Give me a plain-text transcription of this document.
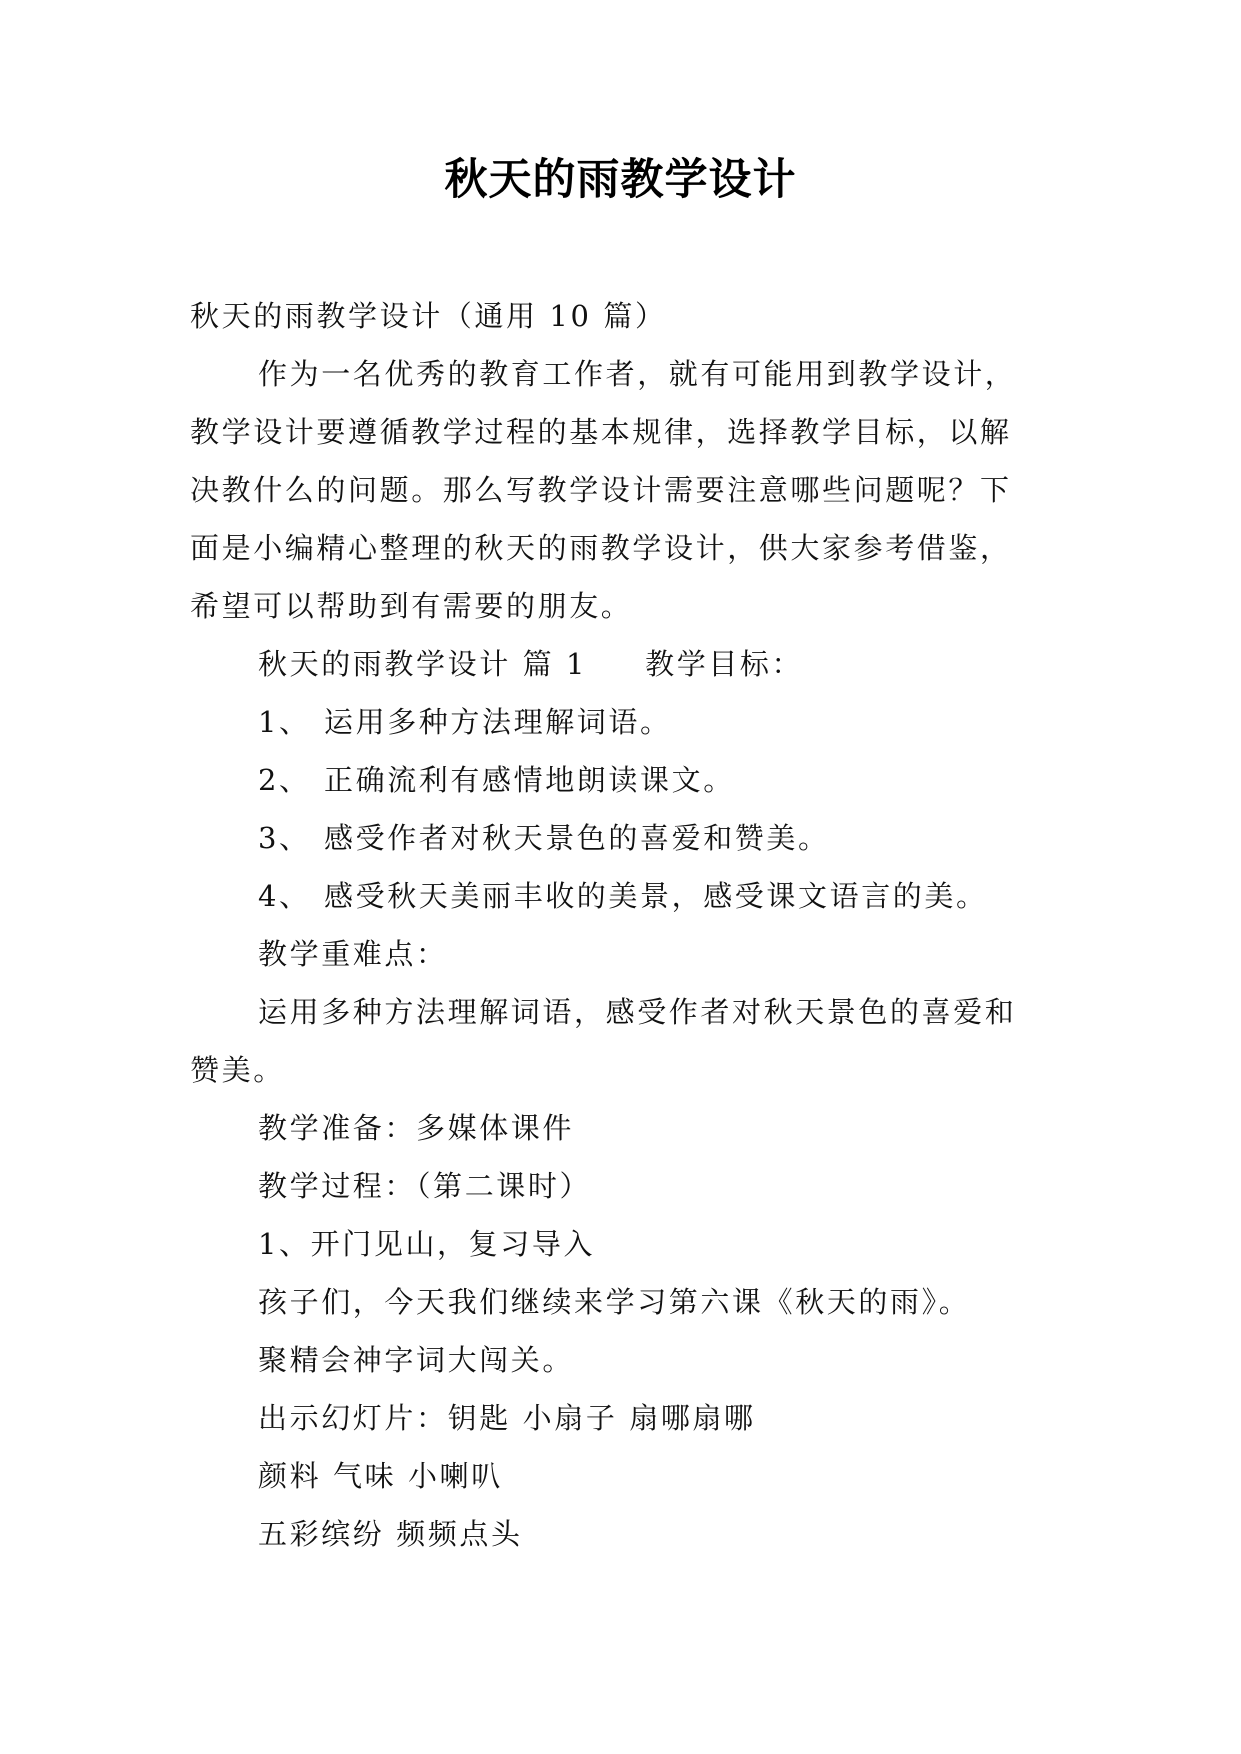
秋天的雨教学设计
秋天的雨教学设计（通用 10 篇）
作为一名优秀的教育工作者，就有可能用到教学设计，
教学设计要遵循教学过程的基本规律，选择教学目标，以解
决教什么的问题。那么写教学设计需要注意哪些问题呢？下
面是小编精心整理的秋天的雨教学设计，供大家参考借鉴，
希望可以帮助到有需要的朋友。
秋天的雨教学设计 篇 1 教学目标：
1、 运用多种方法理解词语。
2、 正确流利有感情地朗读课文。
3、 感受作者对秋天景色的喜爱和赞美。
4、 感受秋天美丽丰收的美景，感受课文语言的美。
教学重难点：
运用多种方法理解词语，感受作者对秋天景色的喜爱和
赞美。
教学准备：多媒体课件
教学过程：（第二课时）
1、开门见山，复习导入
孩子们，今天我们继续来学习第六课《秋天的雨》。
聚精会神字词大闯关。
出示幻灯片：钥匙 小扇子 扇哪扇哪
颜料 气味 小喇叭
五彩缤纷 频频点头
